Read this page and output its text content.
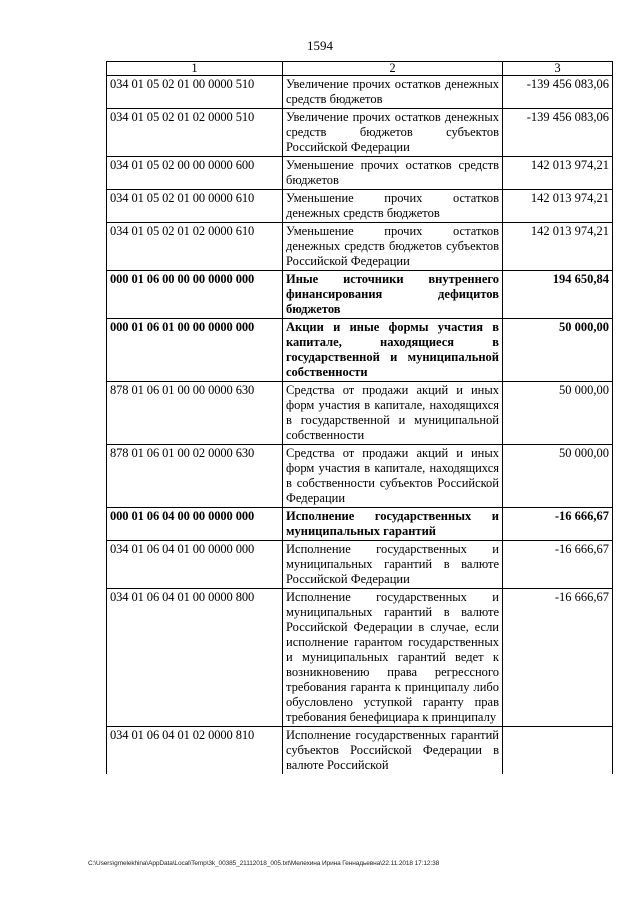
1594
1	2	3
034 01 05 02 01 00 0000 510	Увеличение прочих остатков денежных средств бюджетов	-139 456 083,06
034 01 05 02 01 02 0000 510	Увеличение прочих остатков денежных средств бюджетов субъектов Российской Федерации	-139 456 083,06
034 01 05 02 00 00 0000 600	Уменьшение прочих остатков средств бюджетов	142 013 974,21
034 01 05 02 01 00 0000 610	Уменьшение прочих остатков денежных средств бюджетов	142 013 974,21
034 01 05 02 01 02 0000 610	Уменьшение прочих остатков денежных средств бюджетов субъектов Российской Федерации	142 013 974,21
000 01 06 00 00 00 0000 000	Иные источники внутреннего финансирования дефицитов бюджетов	194 650,84
000 01 06 01 00 00 0000 000	Акции и иные формы участия в капитале, находящиеся в государственной и муниципальной собственности	50 000,00
878 01 06 01 00 00 0000 630	Средства от продажи акций и иных форм участия в капитале, находящихся в государственной и муниципальной собственности	50 000,00
878 01 06 01 00 02 0000 630	Средства от продажи акций и иных форм участия в капитале, находящихся в собственности субъектов Российской Федерации	50 000,00
000 01 06 04 00 00 0000 000	Исполнение государственных и муниципальных гарантий	-16 666,67
034 01 06 04 01 00 0000 000	Исполнение государственных и муниципальных гарантий в валюте Российской Федерации	-16 666,67
034 01 06 04 01 00 0000 800	Исполнение государственных и муниципальных гарантий в валюте Российской Федерации в случае, если исполнение гарантом государственных и муниципальных гарантий ведет к возникновению права регрессного требования гаранта к принципалу либо обусловлено уступкой гаранту прав требования бенефициара к принципалу	-16 666,67
034 01 06 04 01 02 0000 810	Исполнение государственных гарантий субъектов Российской Федерации в валюте Российской	
C:\Users\gmelekhina\AppData\Local\Temp\3k_00385_21112018_005.txt\Мелехина Ирина Геннадьевна\22.11.2018 17:12:38
